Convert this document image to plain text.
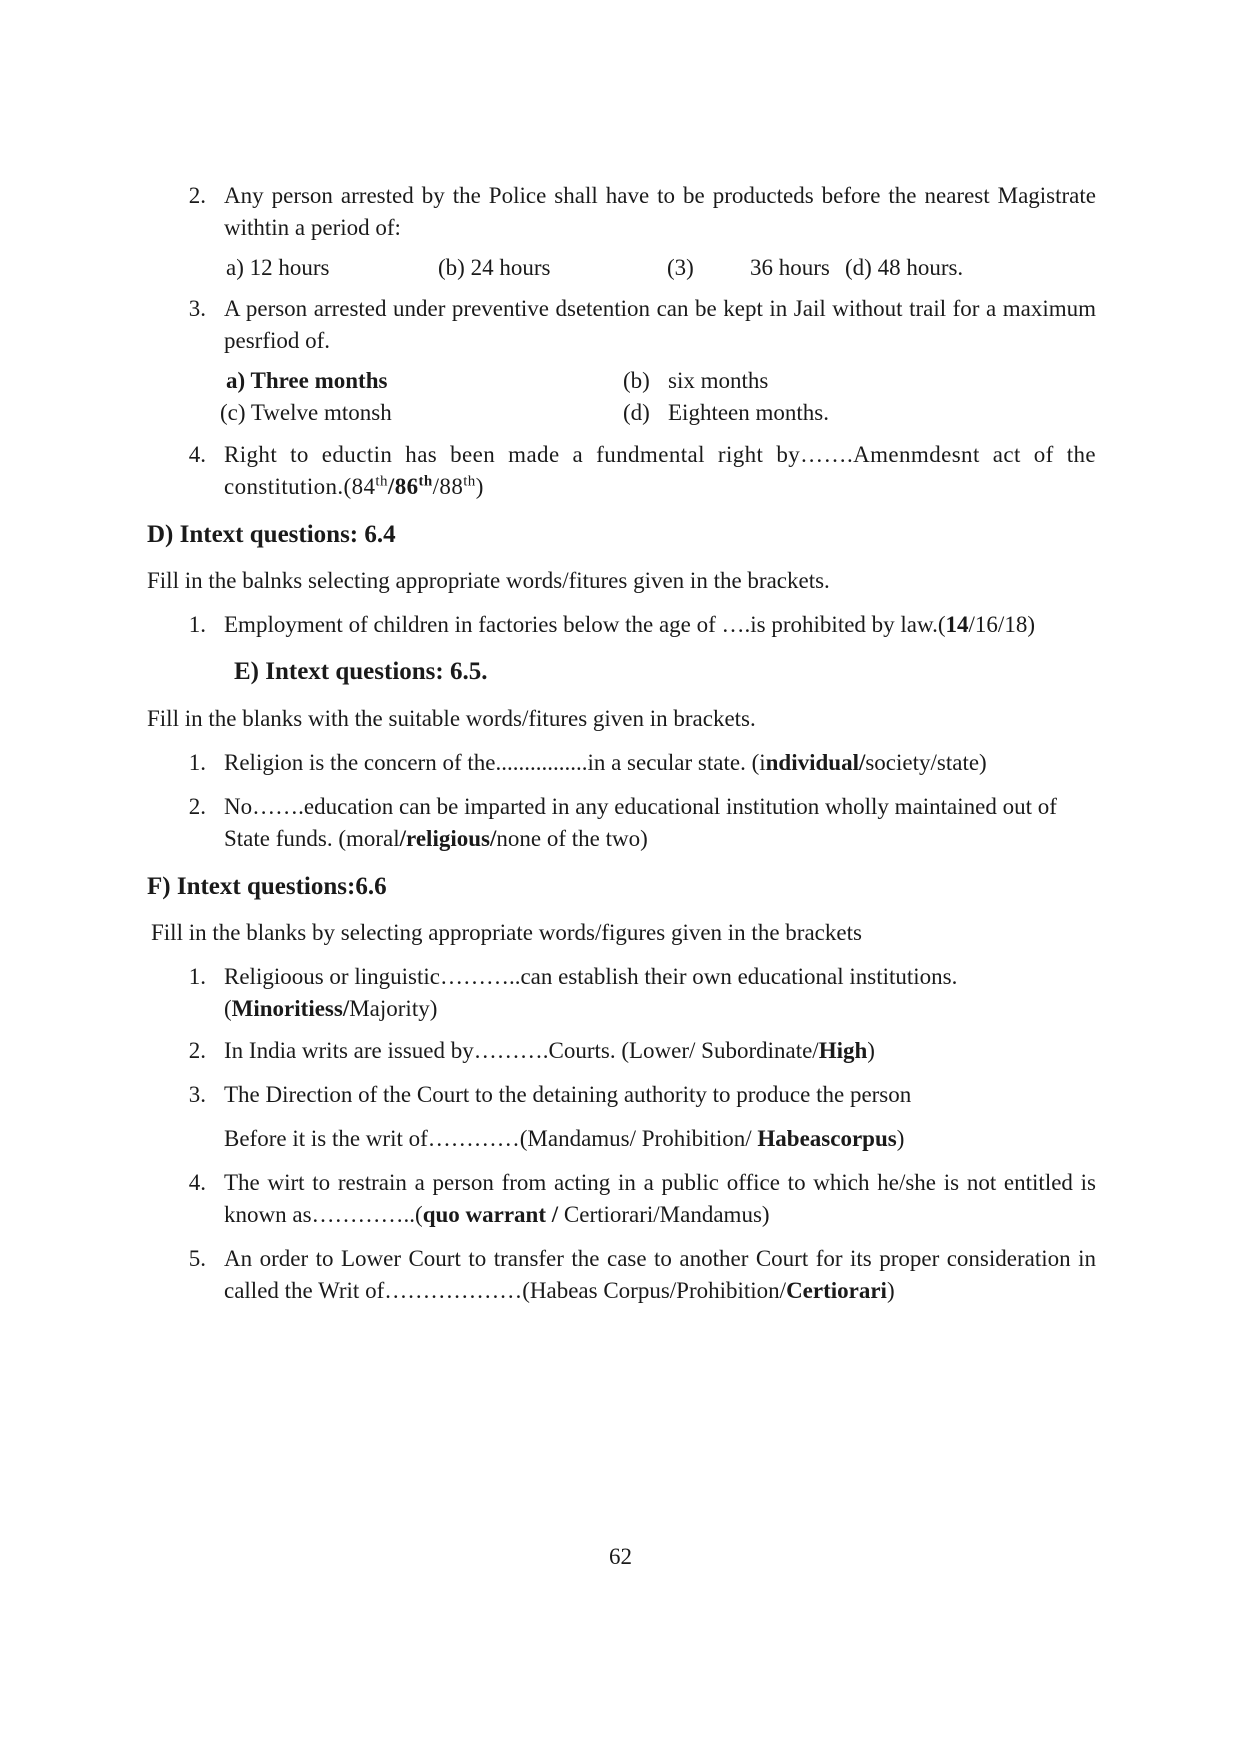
2. Any person arrested by the Police shall have to be producteds before the nearest Magistrate withtin a period of:
a) 12 hours	(b) 24 hours	(3) 36 hours (d) 48 hours.
3. A person arrested under preventive dsetention can be kept in Jail without trail for a maximum pesrfiod of.
a) Three months	(b) six months
(c) Twelve mtonsh	(d) Eighteen months.
4. Right to eductin has been made a fundmental right by…….Amenmdesnt act of the constitution.(84th/86th/88th)
D) Intext questions: 6.4
Fill in the balnks selecting appropriate words/fitures given in the brackets.
1. Employment of children in factories below the age of ….is prohibited by law.(14/16/18)
E) Intext questions: 6.5.
Fill in the blanks with the suitable words/fitures given in brackets.
1. Religion is the concern of the................in a secular state. (individual/society/state)
2. No…….education can be imparted in any educational institution wholly maintained out of State funds. (moral/religious/none of the two)
F) Intext questions:6.6
Fill in the blanks by selecting appropriate words/figures given in the brackets
1. Religioous or linguistic………..can establish their own educational institutions.
(Minoritiess/Majority)
2. In India writs are issued by……….Courts. (Lower/ Subordinate/High)
3. The Direction of the Court to the detaining authority to produce the person
Before it is the writ of…………(Mandamus/ Prohibition/ Habeascorpus)
4. The wirt to restrain a person from acting in a public office to which he/she is not entitled is known as…………..(quo warrant / Certiorari/Mandamus)
5. An order to Lower Court to transfer the case to another Court for its proper consideration in called the Writ of………………(Habeas Corpus/Prohibition/Certiorari)
62
